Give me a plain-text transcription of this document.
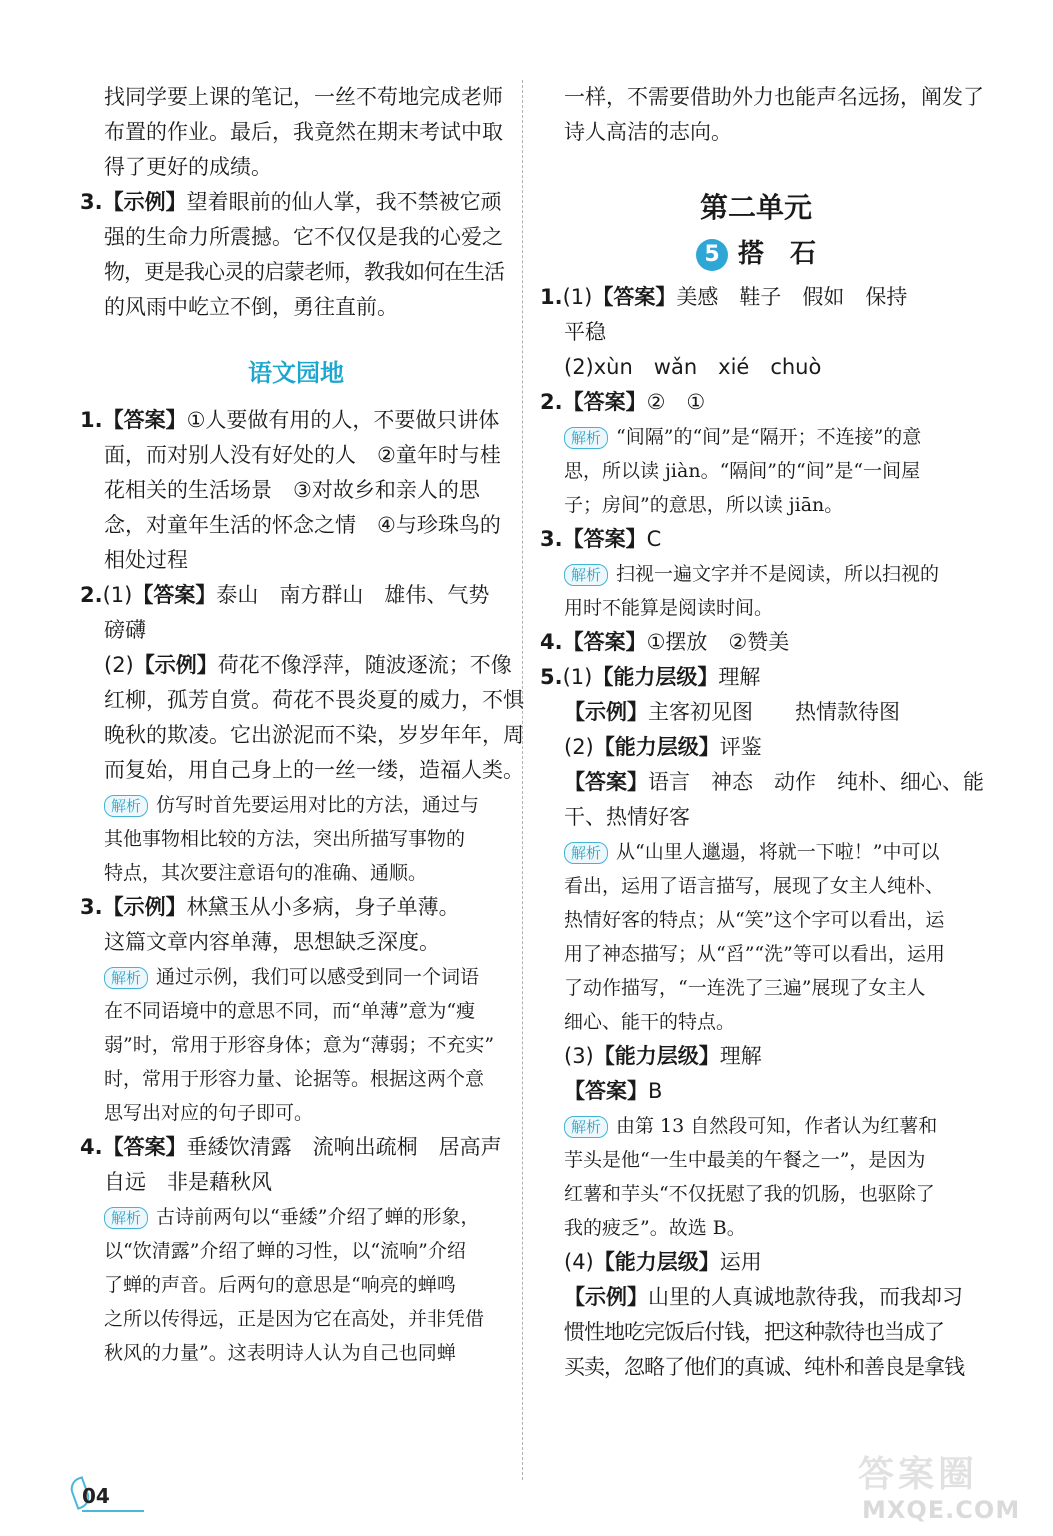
找同学要上课的笔记，一丝不苟地完成老师
布置的作业。最后，我竟然在期末考试中取
得了更好的成绩。
3.【示例】望着眼前的仙人掌，我不禁被它顽
强的生命力所震撼。它不仅仅是我的心爱之
物，更是我心灵的启蒙老师，教我如何在生活
的风雨中屹立不倒，勇往直前。
语文园地
1.【答案】①人要做有用的人，不要做只讲体
面，而对别人没有好处的人　②童年时与桂
花相关的生活场景　③对故乡和亲人的思
念，对童年生活的怀念之情　④与珍珠鸟的
相处过程
2.(1)【答案】泰山　南方群山　雄伟、气势
磅礴
(2)【示例】荷花不像浮萍，随波逐流；不像
红柳，孤芳自赏。荷花不畏炎夏的威力，不惧
晚秋的欺凌。它出淤泥而不染，岁岁年年，周
而复始，用自己身上的一丝一缕，造福人类。
解析 仿写时首先要运用对比的方法，通过与
其他事物相比较的方法，突出所描写事物的
特点，其次要注意语句的准确、通顺。
3.【示例】林黛玉从小多病，身子单薄。
这篇文章内容单薄，思想缺乏深度。
解析 通过示例，我们可以感受到同一个词语
在不同语境中的意思不同，而“单薄”意为“瘦
弱”时，常用于形容身体；意为“薄弱；不充实”
时，常用于形容力量、论据等。根据这两个意
思写出对应的句子即可。
4.【答案】垂緌饮清露　流响出疏桐　居高声
自远　非是藉秋风
解析 古诗前两句以“垂緌”介绍了蝉的形象，
以“饮清露”介绍了蝉的习性，以“流响”介绍
了蝉的声音。后两句的意思是“响亮的蝉鸣
之所以传得远，正是因为它在高处，并非凭借
秋风的力量”。这表明诗人认为自己也同蝉
一样，不需要借助外力也能声名远扬，阐发了
诗人高洁的志向。
第二单元
5 搭　石
1.(1)【答案】美感　鞋子　假如　保持
平稳
(2)xùn　wǎn　xié　chuò
2.【答案】②　①
解析 “间隔”的“间”是“隔开；不连接”的意
思，所以读 jiàn。“隔间”的“间”是“一间屋
子；房间”的意思，所以读 jiān。
3.【答案】C
解析 扫视一遍文字并不是阅读，所以扫视的
用时不能算是阅读时间。
4.【答案】①摆放　②赞美
5.(1)【能力层级】理解
【示例】主客初见图　　热情款待图
(2)【能力层级】评鉴
【答案】语言　神态　动作　纯朴、细心、能
干、热情好客
解析 从“山里人邋遢，将就一下啦！”中可以
看出，运用了语言描写，展现了女主人纯朴、
热情好客的特点；从“笑”这个字可以看出，运
用了神态描写；从“舀”“洗”等可以看出，运用
了动作描写，“一连洗了三遍”展现了女主人
细心、能干的特点。
(3)【能力层级】理解
【答案】B
解析 由第 13 自然段可知，作者认为红薯和
芋头是他“一生中最美的午餐之一”，是因为
红薯和芋头“不仅抚慰了我的饥肠，也驱除了
我的疲乏”。故选 B。
(4)【能力层级】运用
【示例】山里的人真诚地款待我，而我却习
惯性地吃完饭后付钱，把这种款待也当成了
买卖，忽略了他们的真诚、纯朴和善良是拿钱
04
答案圈
MXQE.COM
